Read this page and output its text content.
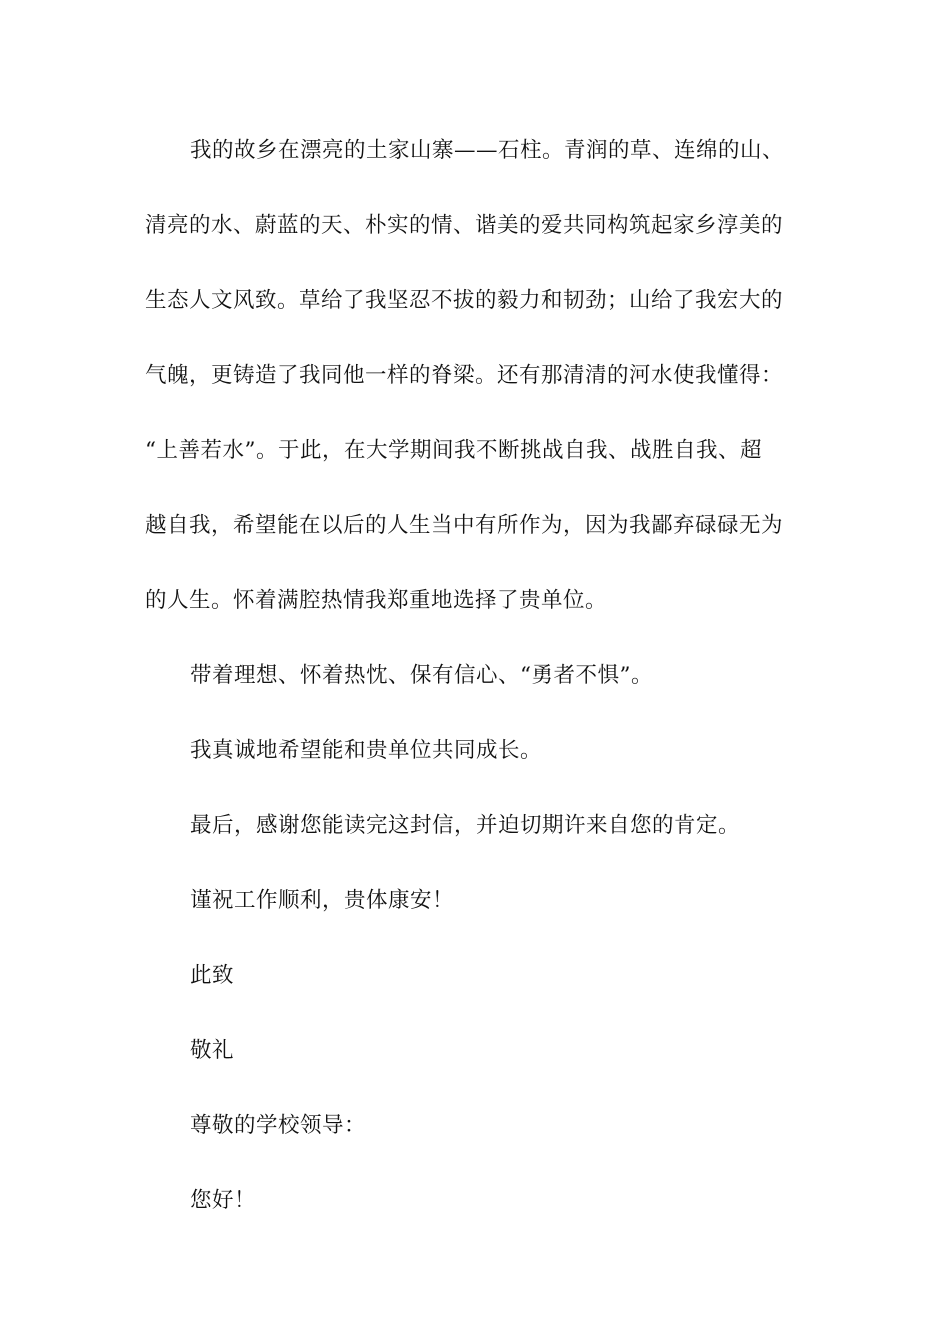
我的故乡在漂亮的土家山寨——石柱。青润的草、连绵的山、
清亮的水、蔚蓝的天、朴实的情、谐美的爱共同构筑起家乡淳美的
生态人文风致。草给了我坚忍不拔的毅力和韧劲；山给了我宏大的
气魄，更铸造了我同他一样的脊梁。还有那清清的河水使我懂得：
“上善若水”。于此，在大学期间我不断挑战自我、战胜自我、超
越自我，希望能在以后的人生当中有所作为，因为我鄙弃碌碌无为
的人生。怀着满腔热情我郑重地选择了贵单位。
带着理想、怀着热忱、保有信心、“勇者不惧”。
我真诚地希望能和贵单位共同成长。
最后，感谢您能读完这封信，并迫切期许来自您的肯定。
谨祝工作顺利，贵体康安！
此致
敬礼
尊敬的学校领导：
您好！
